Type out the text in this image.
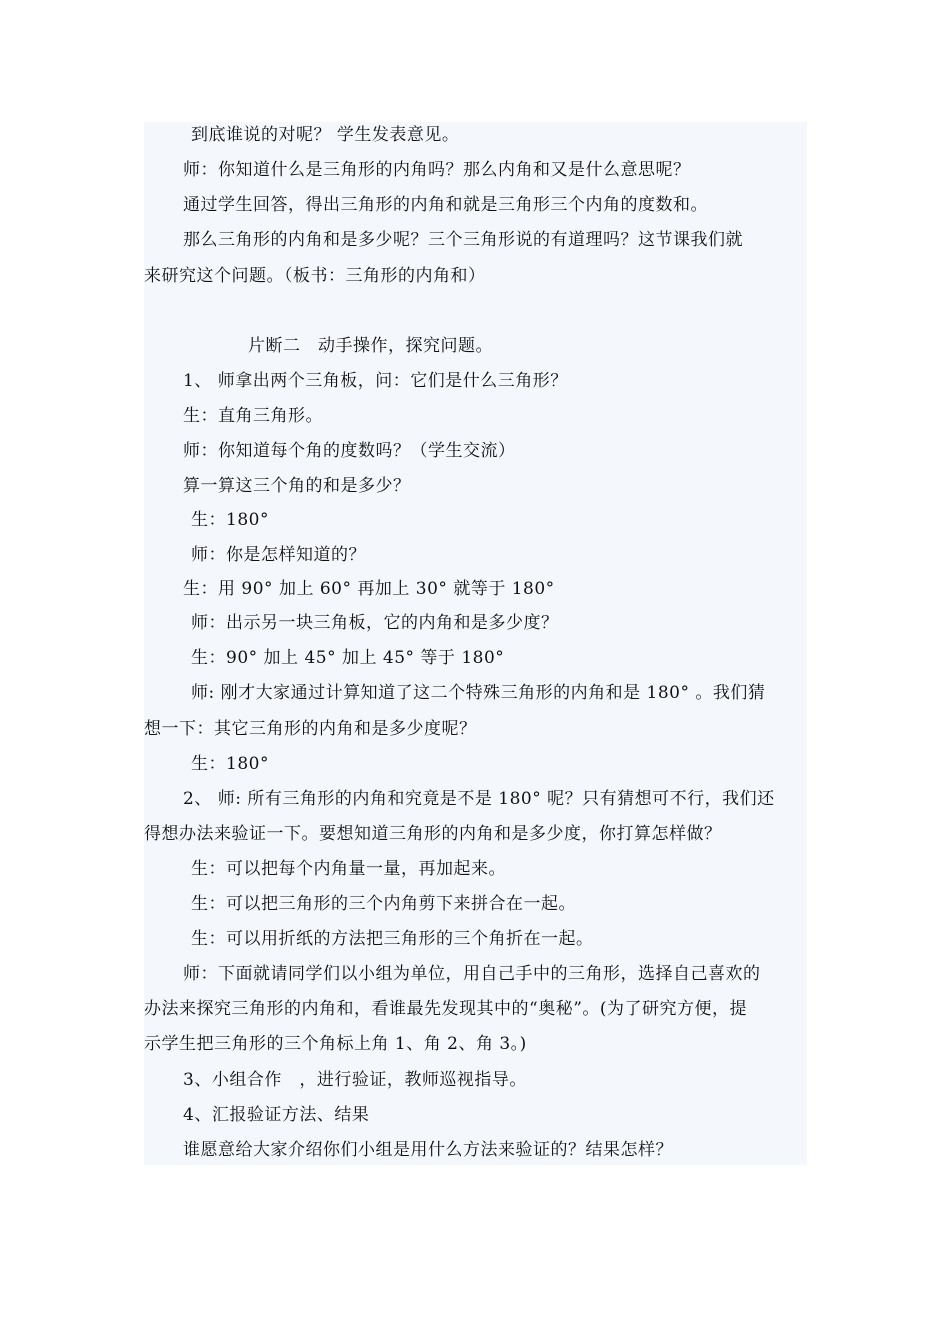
到底谁说的对呢？ 学生发表意见。
师：你知道什么是三角形的内角吗？那么内角和又是什么意思呢？
通过学生回答，得出三角形的内角和就是三角形三个内角的度数和。
那么三角形的内角和是多少呢？三个三角形说的有道理吗？这节课我们就
来研究这个问题。（板书：三角形的内角和）
片断二　动手操作，探究问题。
1、 师拿出两个三角板，问：它们是什么三角形？
生：直角三角形。
师：你知道每个角的度数吗？（学生交流）
算一算这三个角的和是多少？
生：180°
师：你是怎样知道的？
生：用 90° 加上 60° 再加上 30° 就等于 180°
师：出示另一块三角板，它的内角和是多少度？
生：90° 加上 45° 加上 45° 等于 180°
师: 刚才大家通过计算知道了这二个特殊三角形的内角和是 180° 。我们猜
想一下：其它三角形的内角和是多少度呢？
生：180°
2、 师: 所有三角形的内角和究竟是不是 180° 呢？只有猜想可不行，我们还
得想办法来验证一下。要想知道三角形的内角和是多少度，你打算怎样做？
生：可以把每个内角量一量，再加起来。
生：可以把三角形的三个内角剪下来拼合在一起。
生：可以用折纸的方法把三角形的三个角折在一起。
师：下面就请同学们以小组为单位，用自己手中的三角形，选择自己喜欢的
办法来探究三角形的内角和，看谁最先发现其中的“奥秘”。(为了研究方便，提
示学生把三角形的三个角标上角 1、角 2、角 3。)
3、小组合作　，进行验证，教师巡视指导。
4、汇报验证方法、结果
谁愿意给大家介绍你们小组是用什么方法来验证的？结果怎样？
